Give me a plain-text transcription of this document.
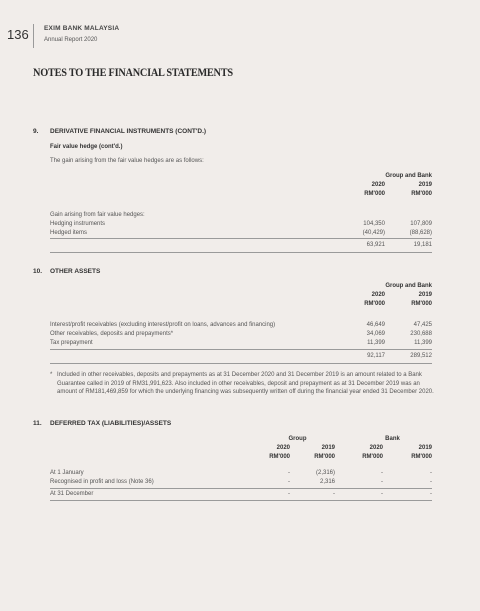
136 EXIM BANK MALAYSIA
Annual Report 2020
NOTES TO THE FINANCIAL STATEMENTS
9. DERIVATIVE FINANCIAL INSTRUMENTS (CONT'D.)
Fair value hedge (cont'd.)
The gain arising from the fair value hedges are as follows:
Group and Bank
2020	2019
RM'000	RM'000
Gain arising from fair value hedges:
Hedging instruments	104,350	107,809
Hedged items	(40,429)	(88,628)
63,921	19,181
10. OTHER ASSETS
Group and Bank
2020	2019
RM'000	RM'000
Interest/profit receivables (excluding interest/profit on loans, advances and financing)	46,649	47,425
Other receivables, deposits and prepayments*	34,069	230,688
Tax prepayment	11,399	11,399
92,117	289,512
* Included in other receivables, deposits and prepayments as at 31 December 2020 and 31 December 2019 is an amount related to a Bank Guarantee called in 2019 of RM31,991,623. Also included in other receivables, deposit and prepayment as at 31 December 2019 was an amount of RM181,469,859 for which the underlying financing was subsequently written off during the financial year ended 31 December 2020.
11. DEFERRED TAX (LIABILITIES)/ASSETS
Group	Bank
2020	2019	2020	2019
RM'000	RM'000	RM'000	RM'000
At 1 January	-	(2,316)	-	-
Recognised in profit and loss (Note 36)	-	2,316	-	-
At 31 December	-	-	-	-
